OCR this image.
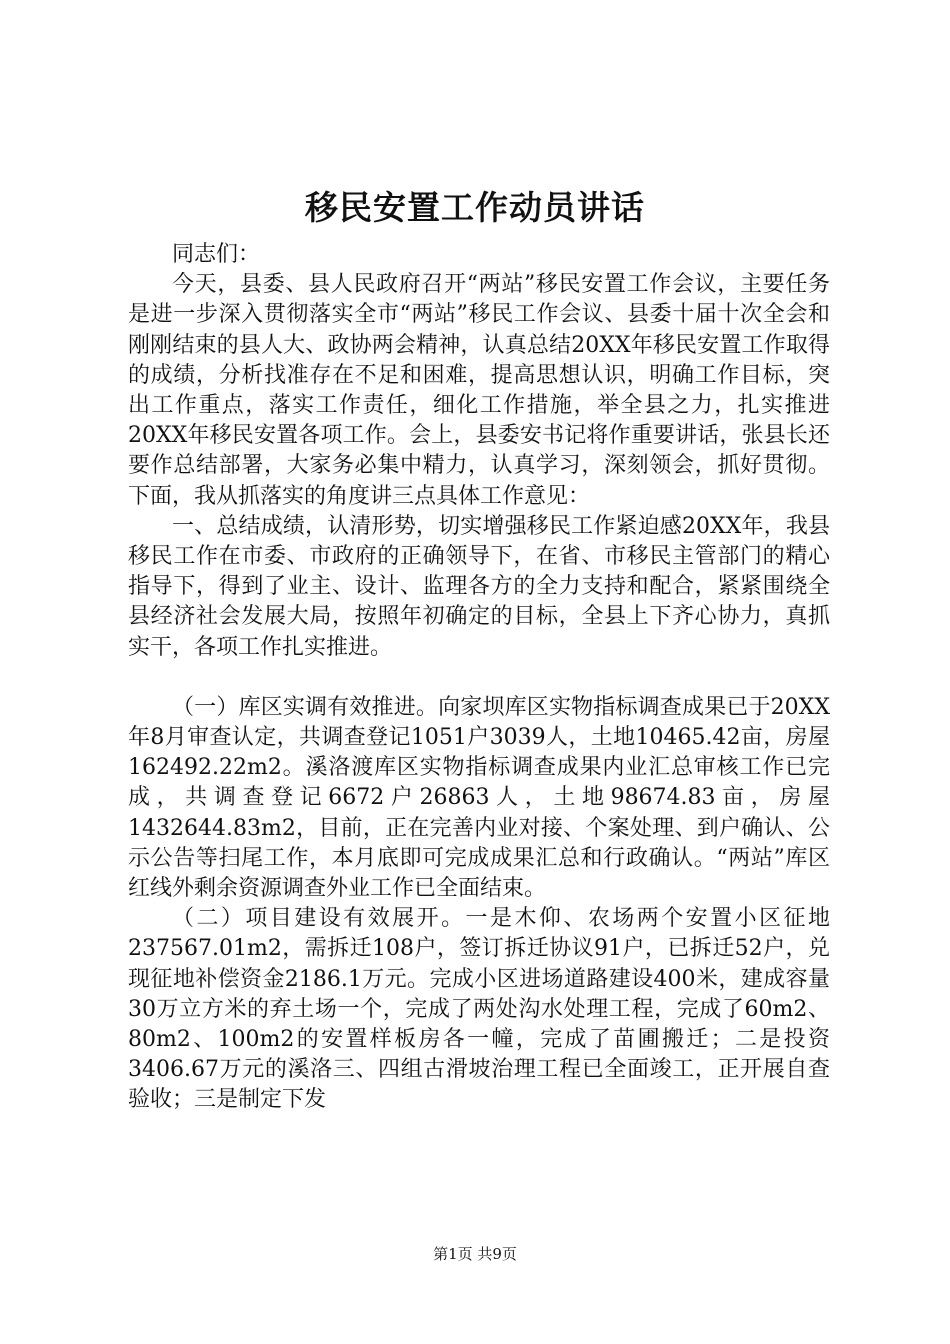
移民安置工作动员讲话

同志们：

今天，县委、县人民政府召开“两站”移民安置工作会议，主要任务是进一步深入贯彻落实全市“两站”移民工作会议、县委十届十次全会和刚刚结束的县人大、政协两会精神，认真总结20XX年移民安置工作取得的成绩，分析找准存在不足和困难，提高思想认识，明确工作目标，突出工作重点，落实工作责任，细化工作措施，举全县之力，扎实推进20XX年移民安置各项工作。会上，县委安书记将作重要讲话，张县长还要作总结部署，大家务必集中精力，认真学习，深刻领会，抓好贯彻。下面，我从抓落实的角度讲三点具体工作意见：

一、总结成绩，认清形势，切实增强移民工作紧迫感20XX年，我县移民工作在市委、市政府的正确领导下，在省、市移民主管部门的精心指导下，得到了业主、设计、监理各方的全力支持和配合，紧紧围绕全县经济社会发展大局，按照年初确定的目标，全县上下齐心协力，真抓实干，各项工作扎实推进。

（一）库区实调有效推进。向家坝库区实物指标调查成果已于20XX年8月审查认定，共调查登记1051户3039人，土地10465.42亩，房屋162492.22m2。溪洛渡库区实物指标调查成果内业汇总审核工作已完成，共调查登记6672户26863人，土地98674.83亩，房屋1432644.83m2，目前，正在完善内业对接、个案处理、到户确认、公示公告等扫尾工作，本月底即可完成成果汇总和行政确认。“两站”库区红线外剩余资源调查外业工作已全面结束。

（二）项目建设有效展开。一是木仰、农场两个安置小区征地237567.01m2，需拆迁108户，签订拆迁协议91户，已拆迁52户，兑现征地补偿资金2186.1万元。完成小区进场道路建设400米，建成容量30万立方米的弃土场一个，完成了两处沟水处理工程，完成了60m2、80m2、100m2的安置样板房各一幢，完成了苗圃搬迁；二是投资3406.67万元的溪洛三、四组古滑坡治理工程已全面竣工，正开展自查验收；三是制定下发

第1页 共9页
